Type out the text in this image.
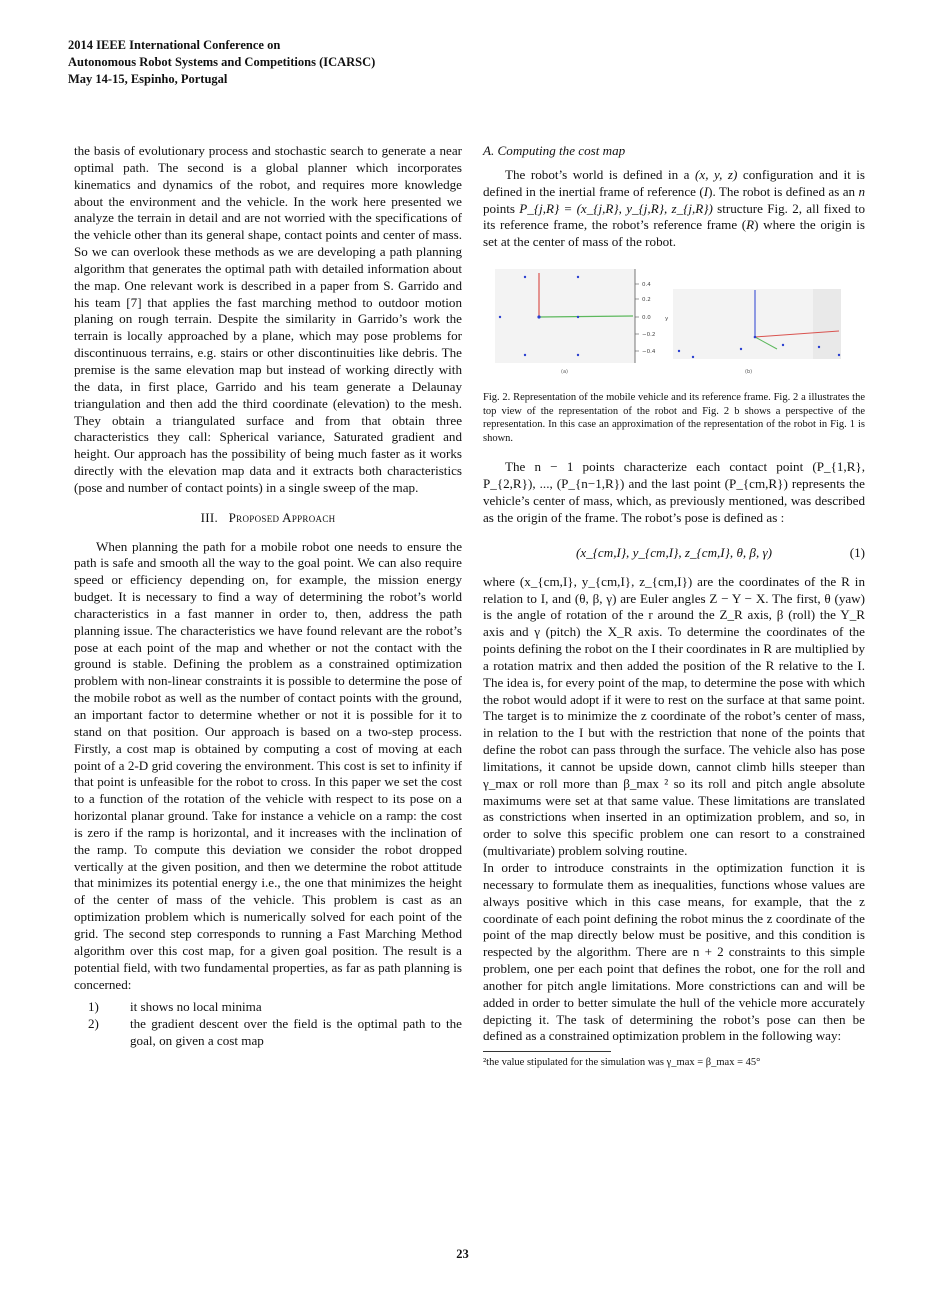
2014 IEEE International Conference on
Autonomous Robot Systems and Competitions (ICARSC)
May 14-15, Espinho, Portugal

the basis of evolutionary process and stochastic search to generate a near optimal path. The second is a global planner which incorporates kinematics and dynamics of the robot, and requires more knowledge about the environment and the vehicle. In the work here presented we analyze the terrain in detail and are not worried with the specifications of the vehicle other than its general shape, contact points and center of mass. So we can overlook these methods as we are developing a path planning algorithm that generates the optimal path with detailed information about the map. One relevant work is described in a paper from S. Garrido and his team [7] that applies the fast marching method to outdoor motion planing on rough terrain. Despite the similarity in Garrido’s work the terrain is locally approached by a plane, which may pose problems for discontinuous terrains, e.g. stairs or other discontinuities like debris. The premise is the same elevation map but instead of working directly with the data, in first place, Garrido and his team generate a Delaunay triangulation and then add the third coordinate (elevation) to the mesh. They obtain a triangulated surface and from that obtain three characteristics they call: Spherical variance, Saturated gradient and height. Our approach has the possibility of being much faster as it works directly with the elevation map data and it extracts both characteristics (pose and number of contact points) in a single sweep of the map.

III. Proposed Approach

When planning the path for a mobile robot one needs to ensure the path is safe and smooth all the way to the goal point. We can also require speed or efficiency depending on, for example, the mission energy budget. It is necessary to find a way of determining the robot’s world characteristics in a fast manner in order to, then, address the path planning issue. The characteristics we have found relevant are the robot’s pose at each point of the map and whether or not the contact with the ground is stable. Defining the problem as a constrained optimization problem with non-linear constraints it is possible to determine the pose of the mobile robot as well as the number of contact points with the ground, an important factor to determine whether or not it is possible for it to stand on that position. Our approach is based on a two-step process. Firstly, a cost map is obtained by computing a cost of moving at each point of a 2-D grid covering the environment. This cost is set to infinity if that point is unfeasible for the robot to cross. In this paper we set the cost to a function of the rotation of the vehicle with respect to its pose on a horizontal planar ground. Take for instance a vehicle on a ramp: the cost is zero if the ramp is horizontal, and it increases with the inclination of the ramp. To compute this deviation we consider the robot dropped vertically at the given position, and then we determine the robot attitude that minimizes its potential energy i.e., the one that minimizes the height of the center of mass of the vehicle. This problem is cast as an optimization problem which is numerically solved for each point of the grid. The second step corresponds to running a Fast Marching Method algorithm over this cost map, for a given goal position. The result is a potential field, with two fundamental properties, as far as path planning is concerned:

1)	it shows no local minima
2)	the gradient descent over the field is the optimal path to the goal, on given a cost map
A. Computing the cost map

The robot’s world is defined in a (x, y, z) configuration and it is defined in the inertial frame of reference (I). The robot is defined as an n points P_{j,R} = (x_{j,R}, y_{j,R}, z_{j,R}) structure Fig. 2, all fixed to its reference frame, the robot’s reference frame (R) where the origin is set at the center of mass of the robot.

0.4
0.2
0.0
−0.2
−0.4
y
(a)	(b)

Fig. 2. Representation of the mobile vehicle and its reference frame. Fig. 2 a illustrates the top view of the representation of the robot and Fig. 2 b shows a perspective of the representation. In this case an approximation of the representation of the robot in Fig. 1 is shown.

The n − 1 points characterize each contact point (P_{1,R}, P_{2,R}), ..., (P_{n−1,R}) and the last point (P_{cm,R}) represents the vehicle’s center of mass, which, as previously mentioned, was described as the origin of the frame. The robot’s pose is defined as :

(x_{cm,I}, y_{cm,I}, z_{cm,I}, θ, β, γ)	(1)

where (x_{cm,I}, y_{cm,I}, z_{cm,I}) are the coordinates of the R in relation to I, and (θ, β, γ) are Euler angles Z − Y − X. The first, θ (yaw) is the angle of rotation of the r around the Z_R axis, β (roll) the Y_R axis and γ (pitch) the X_R axis. To determine the coordinates of the points defining the robot on the I their coordinates in R are multiplied by a rotation matrix and then added the position of the R relative to the I. The idea is, for every point of the map, to determine the pose with which the robot would adopt if it were to rest on the surface at that same point. The target is to minimize the z coordinate of the robot’s center of mass, in relation to the I but with the restriction that none of the points that define the robot can pass through the surface. The vehicle also has pose limitations, it cannot be upside down, cannot climb hills steeper than γ_max or roll more than β_max ² so its roll and pitch angle absolute maximums were set at that same value. These limitations are translated as constrictions when inserted in an optimization problem, and so, in order to solve this specific problem one can resort to a constrained (multivariate) problem solving routine.

In order to introduce constraints in the optimization function it is necessary to formulate them as inequalities, functions whose values are always positive which in this case means, for example, that the z coordinate of each point defining the robot minus the z coordinate of the point of the map directly below must be positive, and this condition is respected by the algorithm. There are n + 2 constraints to this simple problem, one per each point that defines the robot, one for the roll and another for pitch angle limitations. More constrictions can and will be added in order to better simulate the hull of the vehicle more accurately depicting it. The task of determining the robot’s pose can then be defined as a constrained optimization problem in the following way:

²the value stipulated for the simulation was γ_max = β_max = 45°
23
